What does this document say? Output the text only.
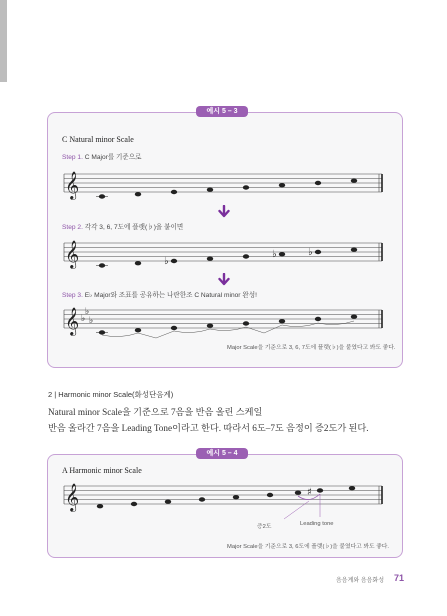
예시 5 – 3
C Natural minor Scale
Step 1. C Major를 기준으로
𝄞
Step 2. 각각 3, 6, 7도에 플랫(♭)을 붙이면
𝄞	♭
♭	♭
Step 3. E♭ Major와 조표를 공유하는 나란한조 C Natural minor 완성!
𝄞 ♭
♭
♭
Major Scale을 기준으로 3, 6, 7도에 플랫(♭)을 붙였다고 봐도 좋다.
2 | Harmonic minor Scale(화성단음계)
Natural minor Scale을 기준으로 7음을 반음 올린 스케일
반음 올라간 7음을 Leading Tone이라고 한다. 따라서 6도–7도 음정이 증2도가 된다.
예시 5 – 4
A Harmonic minor Scale
𝄞	♯
증2도	Leading tone
Major Scale을 기준으로 3, 6도에 플랫(♭)을 붙였다고 봐도 좋다.
음음계와 음음화성 71
